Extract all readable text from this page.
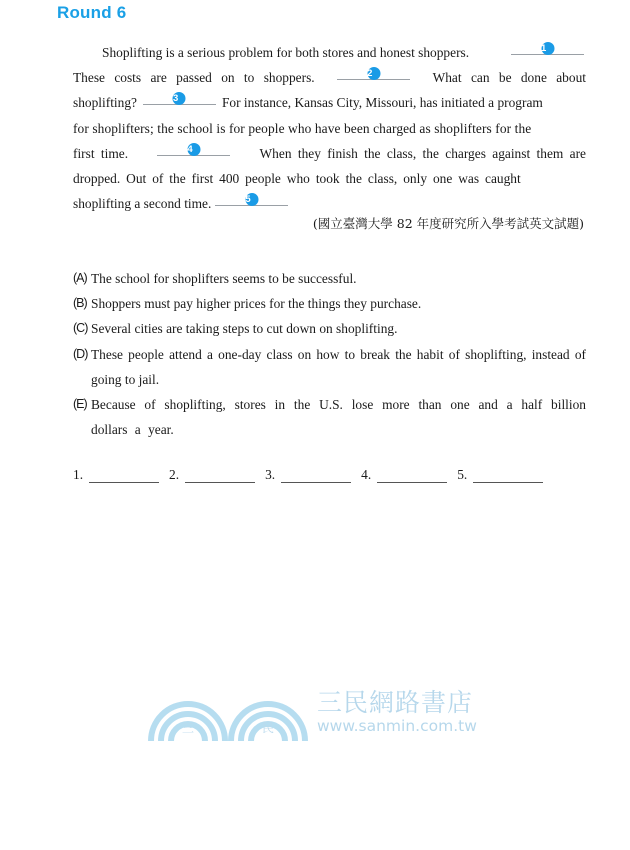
Round 6
Shoplifting is a serious problem for both stores and honest shoppers.	1
These costs are passed on to shoppers.	2	What can be done about
shoplifting?	3	For instance, Kansas City, Missouri, has initiated a program
for shoplifters; the school is for people who have been charged as shoplifters for the
first time.	4	When they finish the class, the charges against them are
dropped. Out of the first 400 people who took the class, only one was caught
shoplifting a second time.	5
(國立臺灣大學 82 年度研究所入學考試英文試題)
(A) The school for shoplifters seems to be successful.
(B) Shoppers must pay higher prices for the things they purchase.
(C) Several cities are taking steps to cut down on shoplifting.
(D) These people attend a one-day class on how to break the habit of shoplifting, instead of going to jail.
(E) Because of shoplifting, stores in the U.S. lose more than one and a half billion dollars a year.
1.	2.	3.	4.	5.
三	民
三民網路書店
www.sanmin.com.tw
